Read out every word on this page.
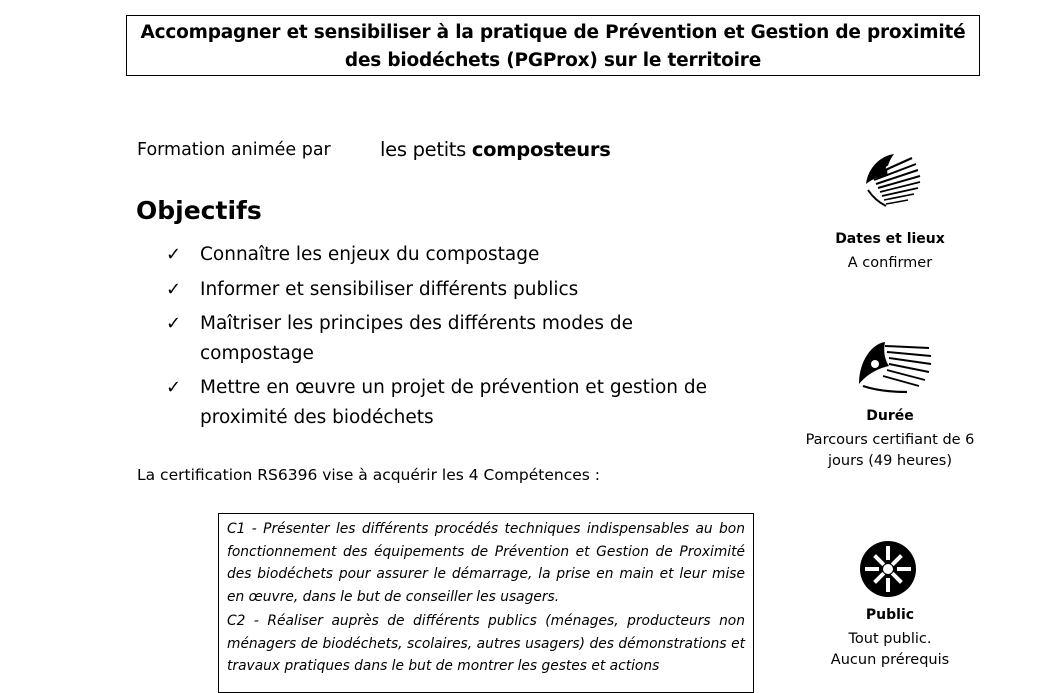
Accompagner et sensibiliser à la pratique de Prévention et Gestion de proximité
des biodéchets (PGProx) sur le territoire
Formation animée par	les petits composteurs
Objectifs
✓ Connaître les enjeux du compostage
✓ Informer et sensibiliser différents publics
✓ Maîtriser les principes des différents modes de compostage
✓ Mettre en œuvre un projet de prévention et gestion de proximité des biodéchets
La certification RS6396 vise à acquérir les 4 Compétences :

C1 - Présenter les différents procédés techniques indispensables au bon fonctionnement des équipements de Prévention et Gestion de Proximité des biodéchets pour assurer le démarrage, la prise en main et leur mise en œuvre, dans le but de conseiller les usagers.

C2 - Réaliser auprès de différents publics (ménages, producteurs non ménagers de biodéchets, scolaires, autres usagers) des démonstrations et travaux pratiques dans le but de montrer les gestes et actions

Dates et lieux
A confirmer
Durée
Parcours certifiant de 6
jours (49 heures)
Public
Tout public.
Aucun prérequis
